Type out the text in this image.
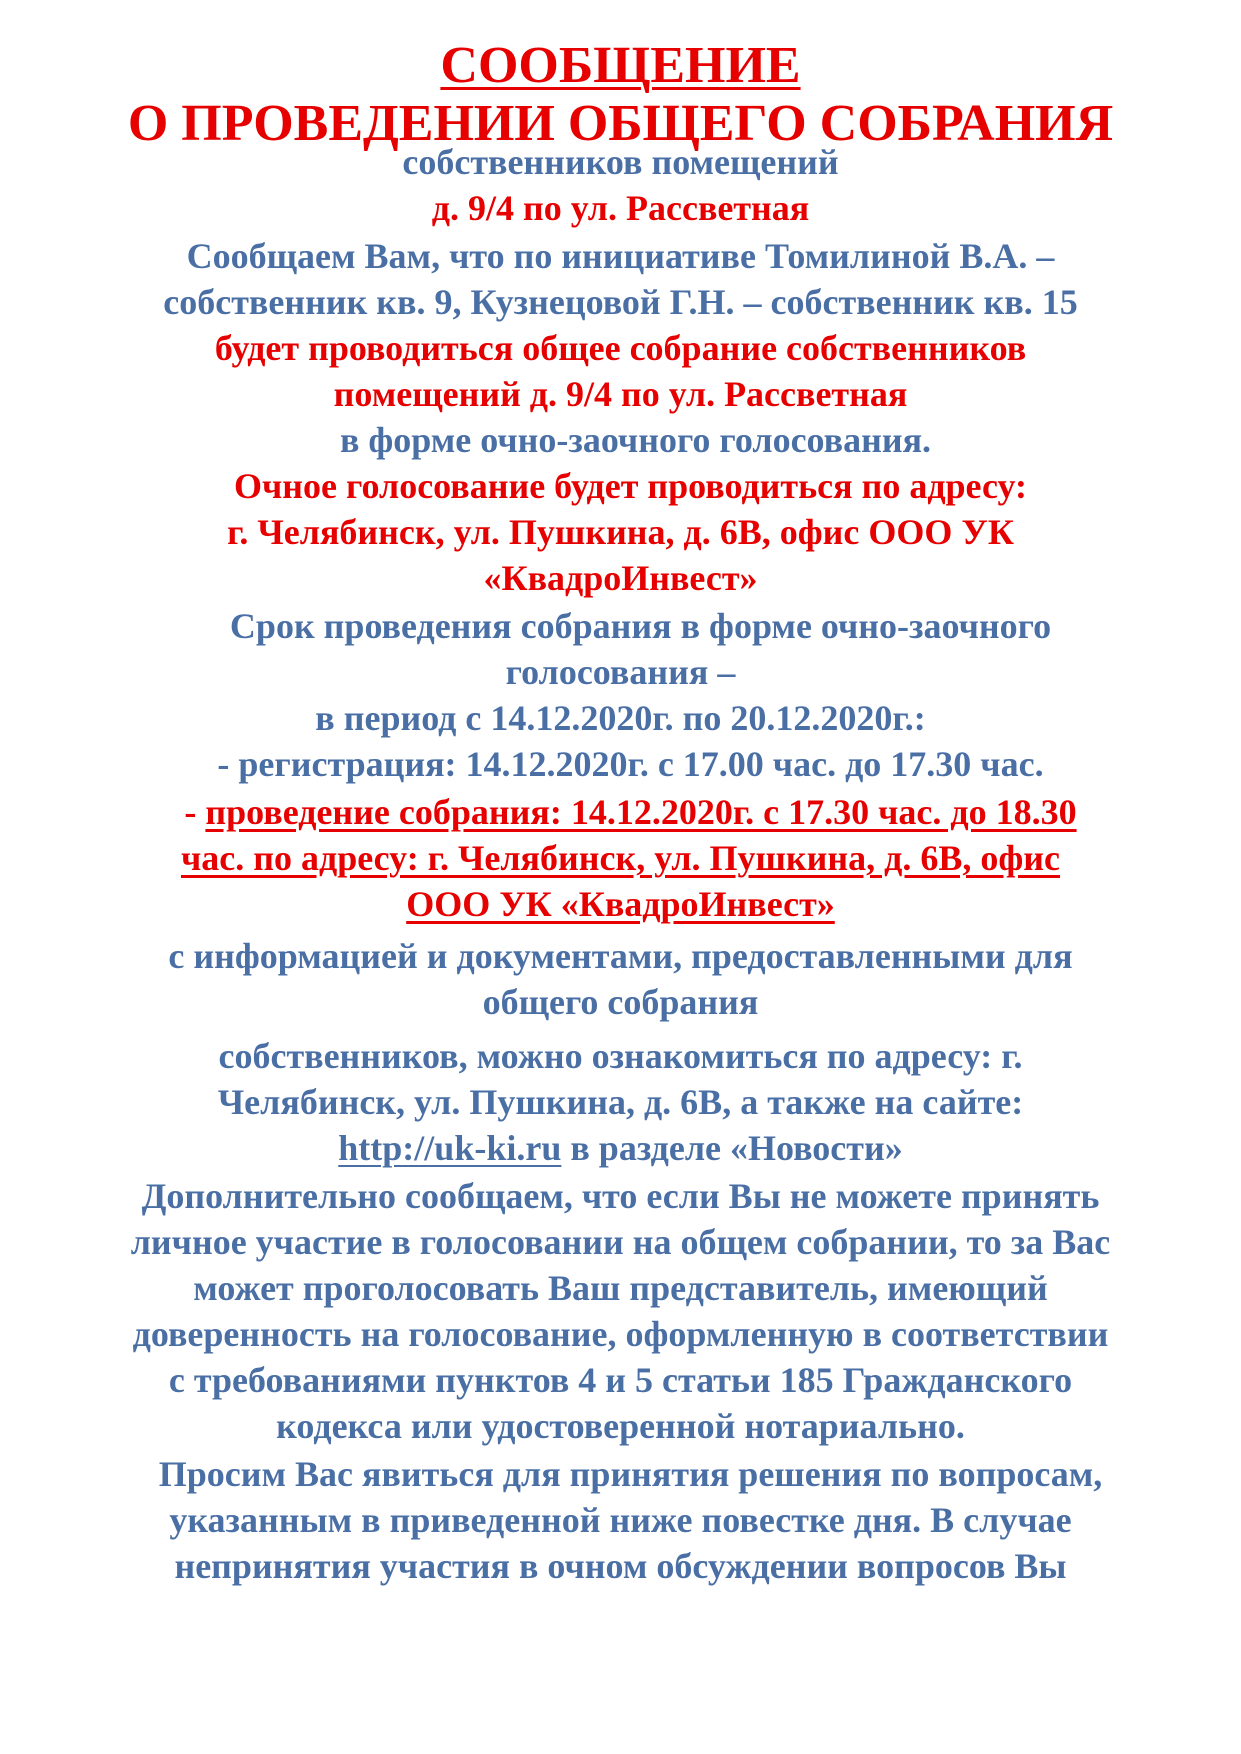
СООБЩЕНИЕ
О ПРОВЕДЕНИИ ОБЩЕГО СОБРАНИЯ
собственников помещений
д. 9/4 по ул. Рассветная
Сообщаем Вам, что по инициативе Томилиной В.А. –
собственник кв. 9, Кузнецовой Г.Н. – собственник кв. 15
будет проводиться общее собрание собственников
помещений д. 9/4 по ул. Рассветная
в форме очно-заочного голосования.
Очное голосование будет проводиться по адресу:
г. Челябинск, ул. Пушкина, д. 6В, офис ООО УК
«КвадроИнвест»
Срок проведения собрания в форме очно-заочного
голосования –
в период с 14.12.2020г. по 20.12.2020г.:
- регистрация: 14.12.2020г. с 17.00 час. до 17.30 час.
- проведение собрания: 14.12.2020г. с 17.30 час. до 18.30
час. по адресу: г. Челябинск, ул. Пушкина, д. 6В, офис
ООО УК «КвадроИнвест»
с информацией и документами, предоставленными для
общего собрания
собственников, можно ознакомиться по адресу: г.
Челябинск, ул. Пушкина, д. 6В, а также на сайте:
http://uk-ki.ru в разделе «Новости»
Дополнительно сообщаем, что если Вы не можете принять
личное участие в голосовании на общем собрании, то за Вас
может проголосовать Ваш представитель, имеющий
доверенность на голосование, оформленную в соответствии
с требованиями пунктов 4 и 5 статьи 185 Гражданского
кодекса или удостоверенной нотариально.
Просим Вас явиться для принятия решения по вопросам,
указанным в приведенной ниже повестке дня. В случае
непринятия участия в очном обсуждении вопросов Вы
